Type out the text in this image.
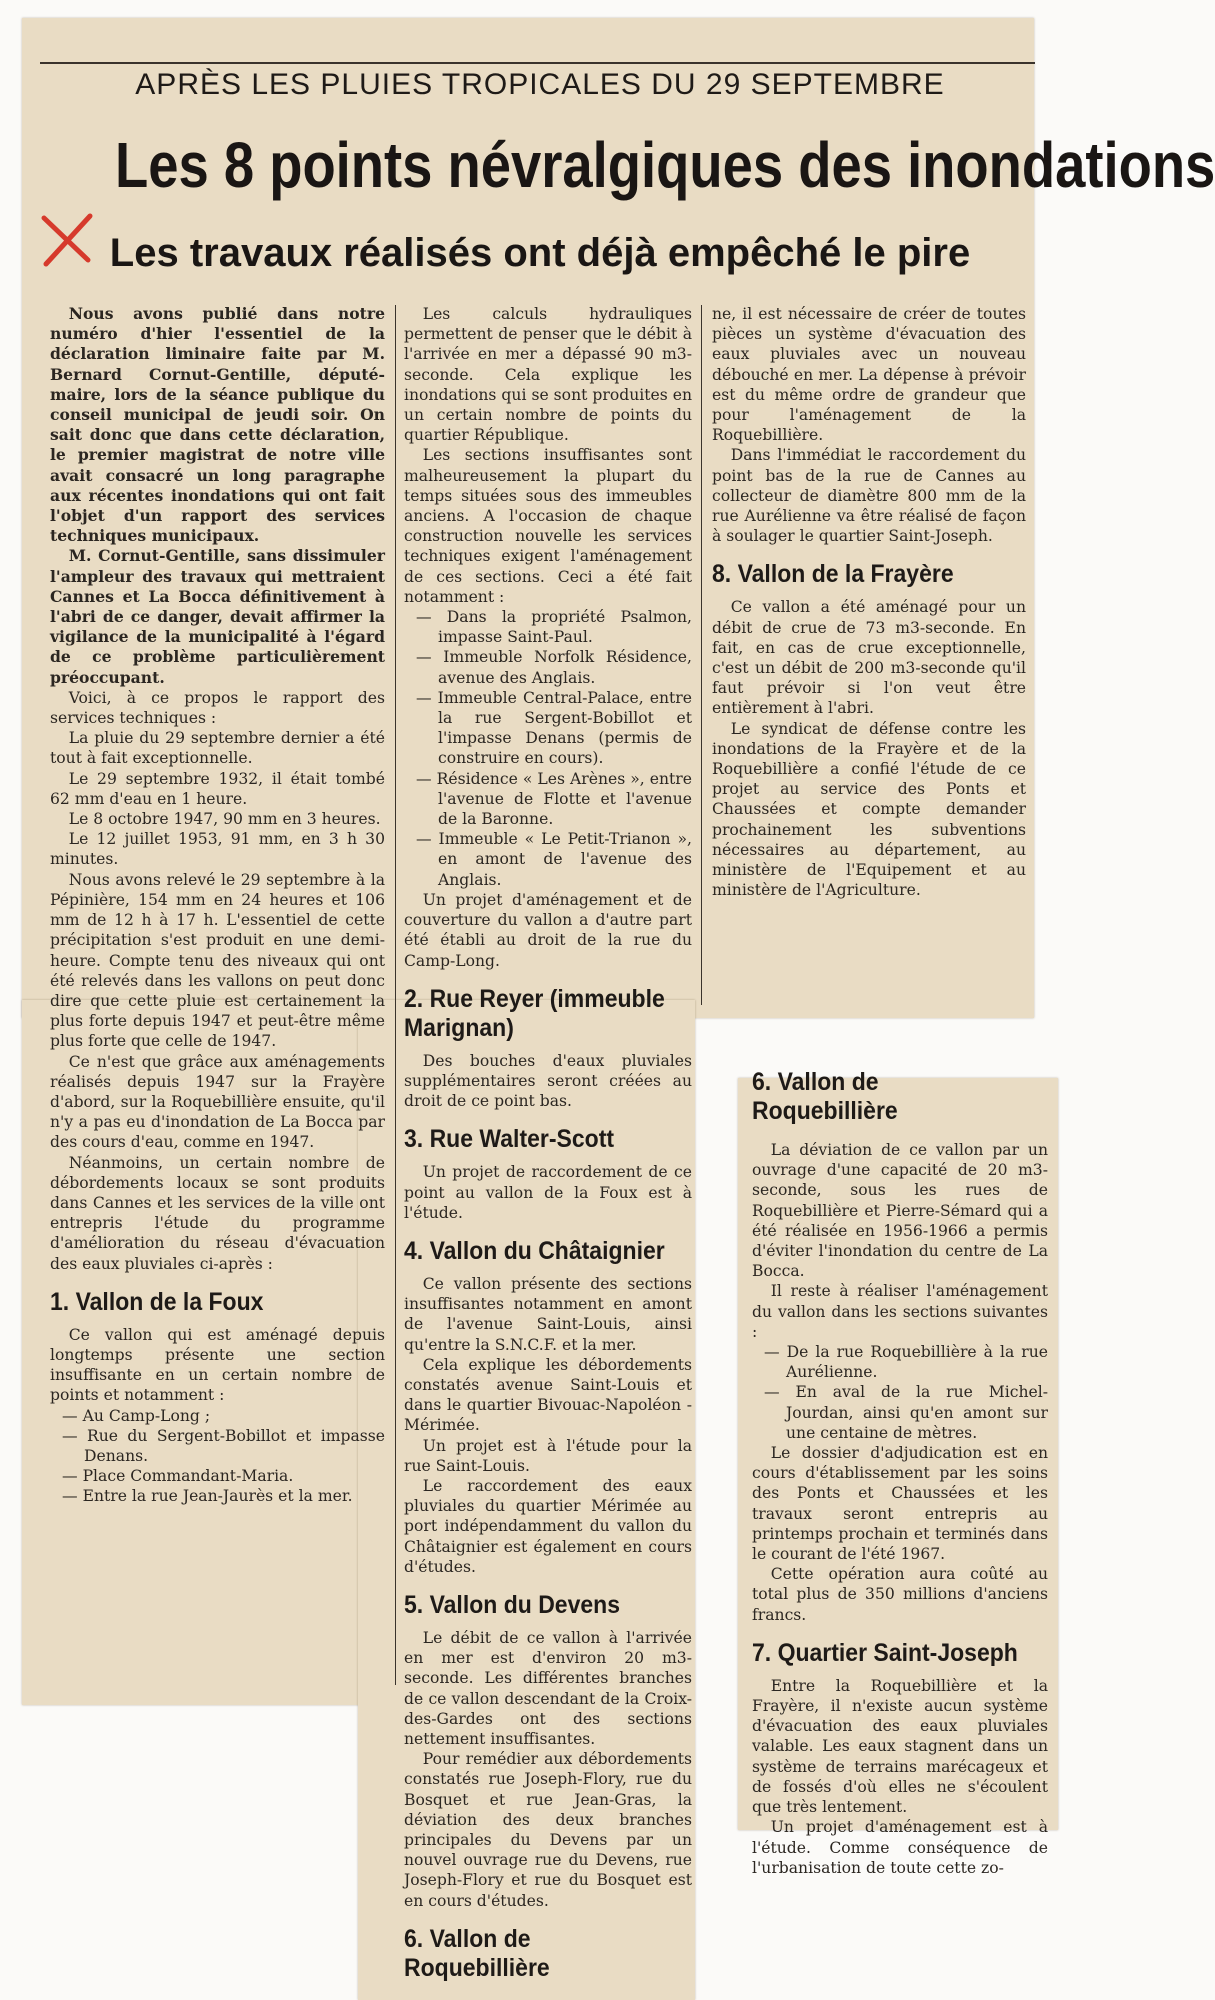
APRÈS LES PLUIES TROPICALES DU 29 SEPTEMBRE
Les 8 points névralgiques des inondations
Les travaux réalisés ont déjà empêché le pire

Nous avons publié dans notre numéro d'hier l'essentiel de la déclaration liminaire faite par M. Bernard Cornut-Gentille, député-maire, lors de la séance publique du conseil municipal de jeudi soir. On sait donc que dans cette déclaration, le premier magistrat de notre ville avait consacré un long paragraphe aux récentes inondations qui ont fait l'objet d'un rapport des services techniques municipaux.

M. Cornut-Gentille, sans dissimuler l'ampleur des travaux qui mettraient Cannes et La Bocca définitivement à l'abri de ce danger, devait affirmer la vigilance de la municipalité à l'égard de ce problème particulièrement préoccupant.

Voici, à ce propos le rapport des services techniques :

La pluie du 29 septembre dernier a été tout à fait exceptionnelle.

Le 29 septembre 1932, il était tombé 62 mm d'eau en 1 heure.

Le 8 octobre 1947, 90 mm en 3 heures.

Le 12 juillet 1953, 91 mm, en 3 h 30 minutes.

Nous avons relevé le 29 septembre à la Pépinière, 154 mm en 24 heures et 106 mm de 12 h à 17 h. L'essentiel de cette précipitation s'est produit en une demi-heure. Compte tenu des niveaux qui ont été relevés dans les vallons on peut donc dire que cette pluie est certainement la plus forte depuis 1947 et peut-être même plus forte que celle de 1947.

Ce n'est que grâce aux aménagements réalisés depuis 1947 sur la Frayère d'abord, sur la Roquebillière ensuite, qu'il n'y a pas eu d'inondation de La Bocca par des cours d'eau, comme en 1947.

Néanmoins, un certain nombre de débordements locaux se sont produits dans Cannes et les services de la ville ont entrepris l'étude du programme d'amélioration du réseau d'évacuation des eaux pluviales ci-après :

1. Vallon de la Foux

Ce vallon qui est aménagé depuis longtemps présente une section insuffisante en un certain nombre de points et notamment :

— Au Camp-Long ;
— Rue du Sergent-Bobillot et impasse Denans.
— Place Commandant-Maria.
— Entre la rue Jean-Jaurès et la mer.

Les calculs hydrauliques permettent de penser que le débit à l'arrivée en mer a dépassé 90 m3-seconde. Cela explique les inondations qui se sont produites en un certain nombre de points du quartier République.

Les sections insuffisantes sont malheureusement la plupart du temps situées sous des immeubles anciens. A l'occasion de chaque construction nouvelle les services techniques exigent l'aménagement de ces sections. Ceci a été fait notamment :

— Dans la propriété Psalmon, impasse Saint-Paul.
— Immeuble Norfolk Résidence, avenue des Anglais.
— Immeuble Central-Palace, entre la rue Sergent-Bobillot et l'impasse Denans (permis de construire en cours).
— Résidence « Les Arènes », entre l'avenue de Flotte et l'avenue de la Baronne.
— Immeuble « Le Petit-Trianon », en amont de l'avenue des Anglais.

Un projet d'aménagement et de couverture du vallon a d'autre part été établi au droit de la rue du Camp-Long.

2. Rue Reyer (immeuble Marignan)

Des bouches d'eaux pluviales supplémentaires seront créées au droit de ce point bas.

3. Rue Walter-Scott

Un projet de raccordement de ce point au vallon de la Foux est à l'étude.

4. Vallon du Châtaignier

Ce vallon présente des sections insuffisantes notamment en amont de l'avenue Saint-Louis, ainsi qu'entre la S.N.C.F. et la mer.

Cela explique les débordements constatés avenue Saint-Louis et dans le quartier Bivouac-Napoléon - Mérimée.

Un projet est à l'étude pour la rue Saint-Louis.

Le raccordement des eaux pluviales du quartier Mérimée au port indépendamment du vallon du Châtaignier est également en cours d'études.

5. Vallon du Devens

Le débit de ce vallon à l'arrivée en mer est d'environ 20 m3-seconde. Les différentes branches de ce vallon descendant de la Croix-des-Gardes ont des sections nettement insuffisantes.

Pour remédier aux débordements constatés rue Joseph-Flory, rue du Bosquet et rue Jean-Gras, la déviation des deux branches principales du Devens par un nouvel ouvrage rue du Devens, rue Joseph-Flory et rue du Bosquet est en cours d'études.

6. Vallon de Roquebillière

ne, il est nécessaire de créer de toutes pièces un système d'évacuation des eaux pluviales avec un nouveau débouché en mer. La dépense à prévoir est du même ordre de grandeur que pour l'aménagement de la Roquebillière.

Dans l'immédiat le raccordement du point bas de la rue de Cannes au collecteur de diamètre 800 mm de la rue Aurélienne va être réalisé de façon à soulager le quartier Saint-Joseph.

8. Vallon de la Frayère

Ce vallon a été aménagé pour un débit de crue de 73 m3-seconde. En fait, en cas de crue exceptionnelle, c'est un débit de 200 m3-seconde qu'il faut prévoir si l'on veut être entièrement à l'abri.

Le syndicat de défense contre les inondations de la Frayère et de la Roquebillière a confié l'étude de ce projet au service des Ponts et Chaussées et compte demander prochainement les subventions nécessaires au département, au ministère de l'Equipement et au ministère de l'Agriculture.

6. Vallon de Roquebillière

La déviation de ce vallon par un ouvrage d'une capacité de 20 m3-seconde, sous les rues de Roquebillière et Pierre-Sémard qui a été réalisée en 1956-1966 a permis d'éviter l'inondation du centre de La Bocca.

Il reste à réaliser l'aménagement du vallon dans les sections suivantes :

— De la rue Roquebillière à la rue Aurélienne.
— En aval de la rue Michel-Jourdan, ainsi qu'en amont sur une centaine de mètres.

Le dossier d'adjudication est en cours d'établissement par les soins des Ponts et Chaussées et les travaux seront entrepris au printemps prochain et terminés dans le courant de l'été 1967.

Cette opération aura coûté au total plus de 350 millions d'anciens francs.

7. Quartier Saint-Joseph

Entre la Roquebillière et la Frayère, il n'existe aucun système d'évacuation des eaux pluviales valable. Les eaux stagnent dans un système de terrains marécageux et de fossés d'où elles ne s'écoulent que très lentement.

Un projet d'aménagement est à l'étude. Comme conséquence de l'urbanisation de toute cette zo-
